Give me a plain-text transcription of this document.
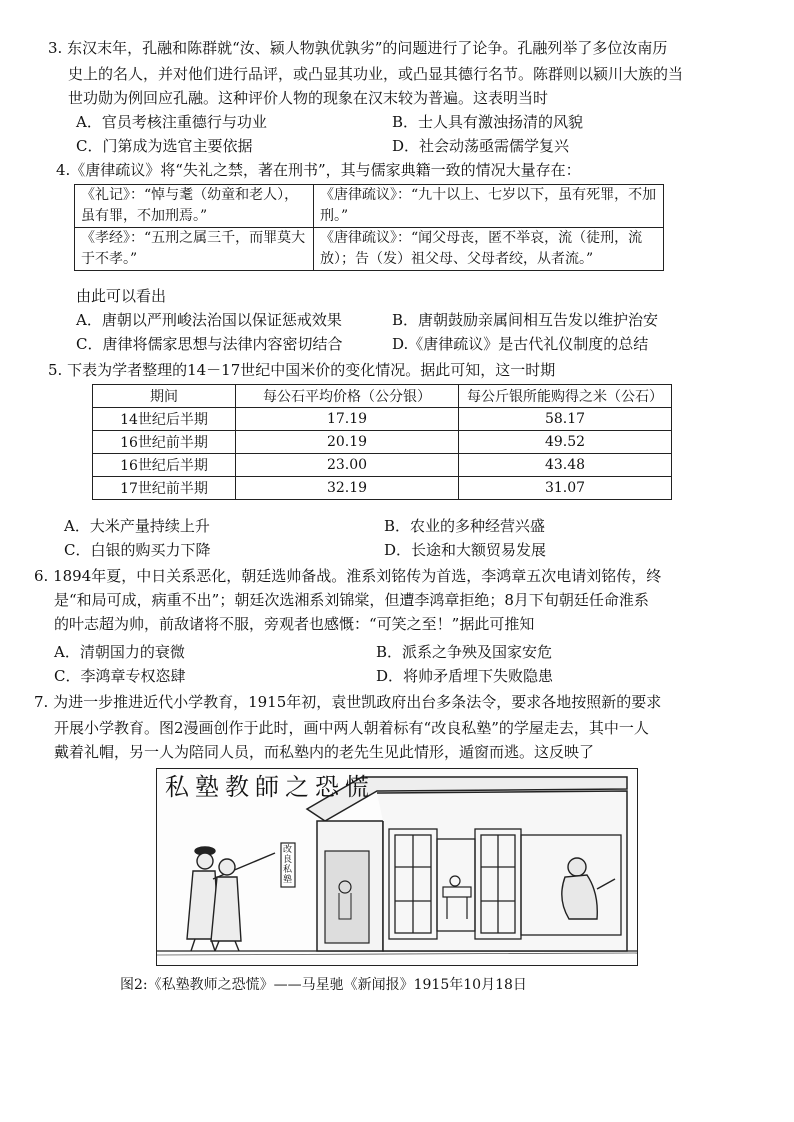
3. 东汉末年，孔融和陈群就“汝、颍人物孰优孰劣”的问题进行了论争。孔融列举了多位汝南历
史上的名人，并对他们进行品评，或凸显其功业，或凸显其德行名节。陈群则以颍川大族的当
世功勋为例回应孔融。这种评价人物的现象在汉末较为普遍。这表明当时
A．官员考核注重德行与功业	B．士人具有激浊扬清的风貌
C．门第成为选官主要依据	D．社会动荡亟需儒学复兴
4.《唐律疏议》将“失礼之禁，著在刑书”，其与儒家典籍一致的情况大量存在：
《礼记》：“悼与耄（幼童和老人），虽有罪，不加刑焉。”	《唐律疏议》：“九十以上、七岁以下，虽有死罪，不加刑。”
《孝经》：“五刑之属三千，而罪莫大于不孝。”	《唐律疏议》：“闻父母丧，匿不举哀，流（徒刑，流放）；告（发）祖父母、父母者绞，从者流。”
由此可以看出
A．唐朝以严刑峻法治国以保证惩戒效果	B．唐朝鼓励亲属间相互告发以维护治安
C．唐律将儒家思想与法律内容密切结合	D.《唐律疏议》是古代礼仪制度的总结
5. 下表为学者整理的14－17世纪中国米价的变化情况。据此可知，这一时期
期间	每公石平均价格（公分银）	每公斤银所能购得之米（公石）
14世纪后半期	17.19	58.17
16世纪前半期	20.19	49.52
16世纪后半期	23.00	43.48
17世纪前半期	32.19	31.07
A．大米产量持续上升	B．农业的多种经营兴盛
C．白银的购买力下降	D．长途和大额贸易发展
6. 1894年夏，中日关系恶化，朝廷选帅备战。淮系刘铭传为首选，李鸿章五次电请刘铭传，终
是“和局可成，病重不出”；朝廷次选湘系刘锦棠，但遭李鸿章拒绝；8月下旬朝廷任命淮系
的叶志超为帅，前敌诸将不服，旁观者也感慨：“可笑之至！”据此可推知
A．清朝国力的衰微	B．派系之争殃及国家安危
C．李鸿章专权恣肆	D．将帅矛盾埋下失败隐患
7. 为进一步推进近代小学教育，1915年初，袁世凯政府出台多条法令，要求各地按照新的要求
开展小学教育。图2漫画创作于此时，画中两人朝着标有“改良私塾”的学屋走去，其中一人
戴着礼帽，另一人为陪同人员，而私塾内的老先生见此情形，遁窗而逃。这反映了
私塾教師之恐慌
改良私塾
图2:《私塾教师之恐慌》——马星驰《新闻报》1915年10月18日
